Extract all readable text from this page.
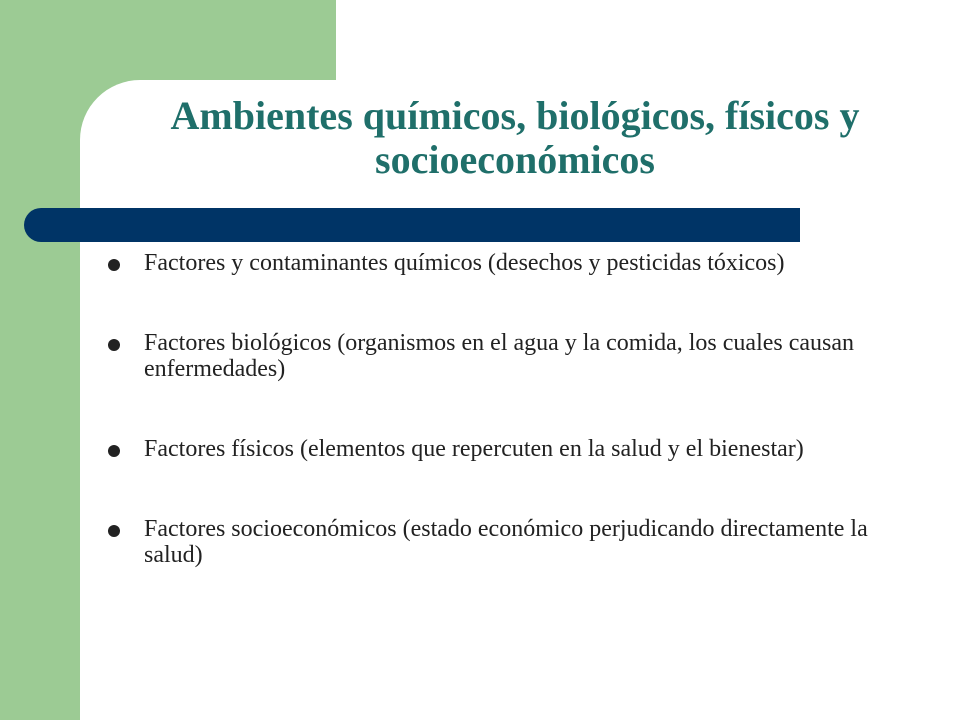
Ambientes químicos, biológicos, físicos y socioeconómicos
Factores y contaminantes químicos (desechos y pesticidas tóxicos)
Factores biológicos (organismos en el agua y la comida, los cuales causan enfermedades)
Factores físicos (elementos que repercuten en la salud y el bienestar)
Factores socioeconómicos (estado económico perjudicando directamente la salud)
